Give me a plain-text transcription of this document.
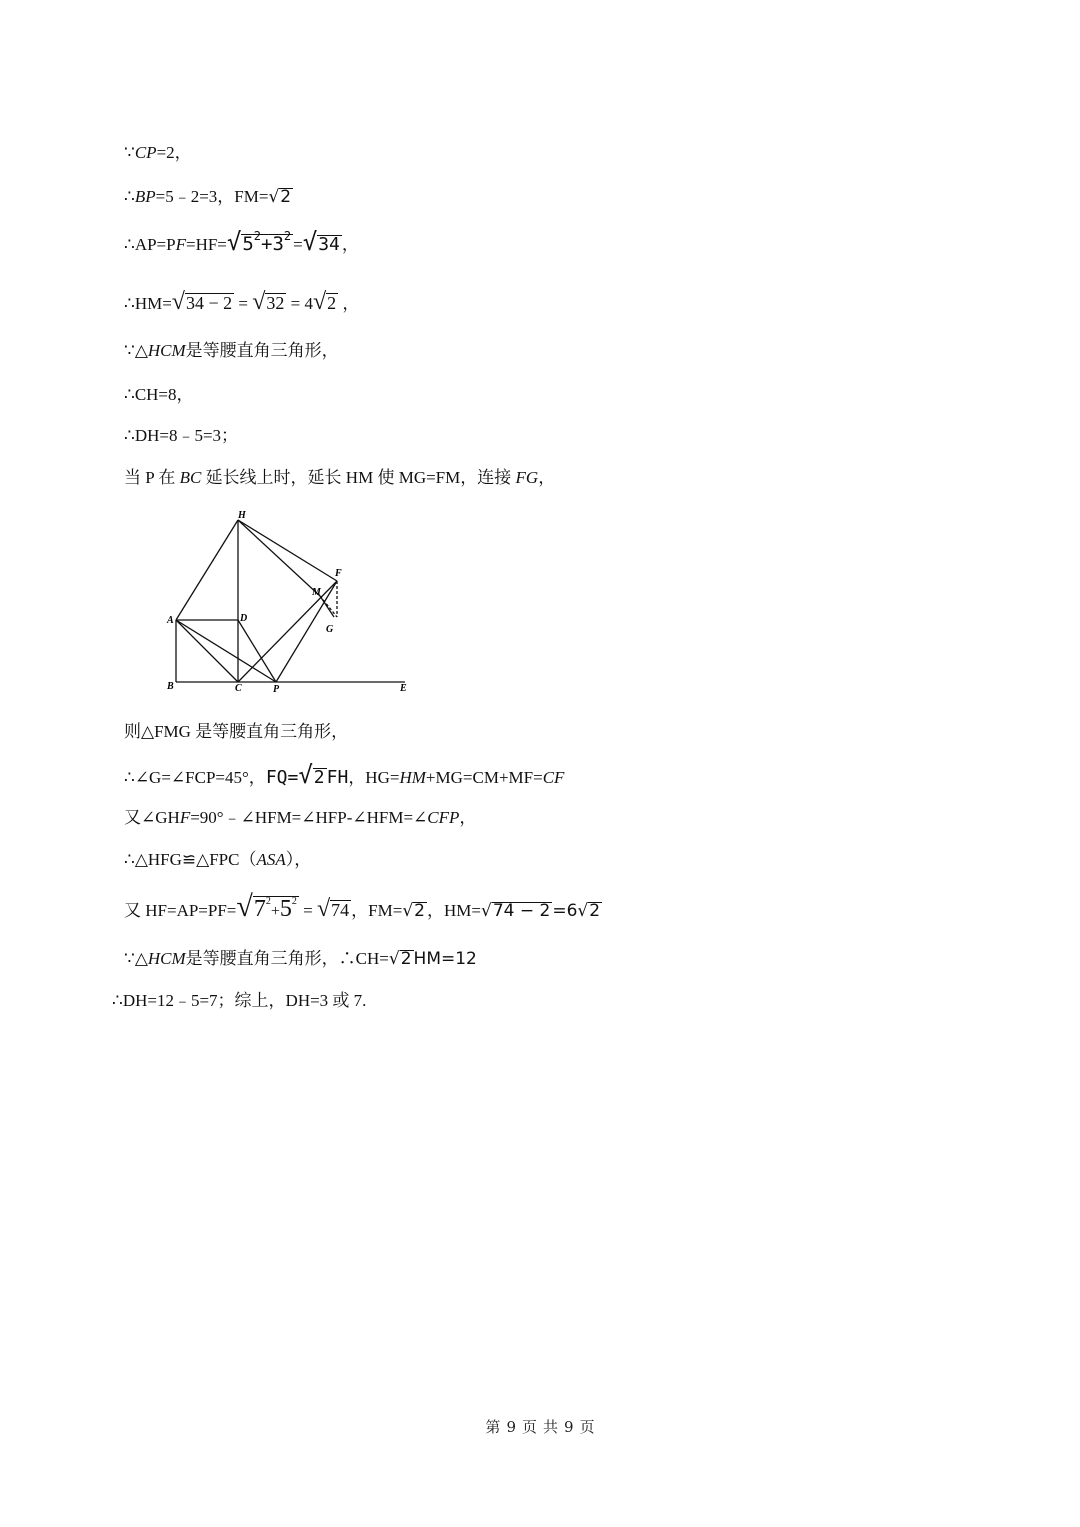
∵CP=2，
∴BP=5﹣2=3，FM=√2
$\therefore AP=PF=HF=√5^2+3^2 =√34$ ，
∴HM=√34 − 2 = √32 = 4√2 ，
∵△HCM是等腰直角三角形，
∴CH=8，
∴DH=8﹣5=3；
当 P 在 BC 延长线上时，延长 HM 使 MG=FM，连接 FG，
H
F
M
G
A	D
B	C	P	E
则△FMG 是等腰直角三角形，
∴∠G=∠FCP=45°，FQ=√2 FH，HG=HM+MG=CM+MF=CF
又∠GHF=90°﹣∠HFM=∠HFP-∠HFM=∠CFP，
∴△HFG≌△FPC（ASA），
又 $HF=AP=PF=√7^2+5^2 = √74$ ，FM=√2 ，HM=√74 − 2 =6√2
∵△HCM是等腰直角三角形，∴CH=√2 HM=12
∴DH=12﹣5=7；综上，DH=3 或 7.
第 9 页 共 9 页
